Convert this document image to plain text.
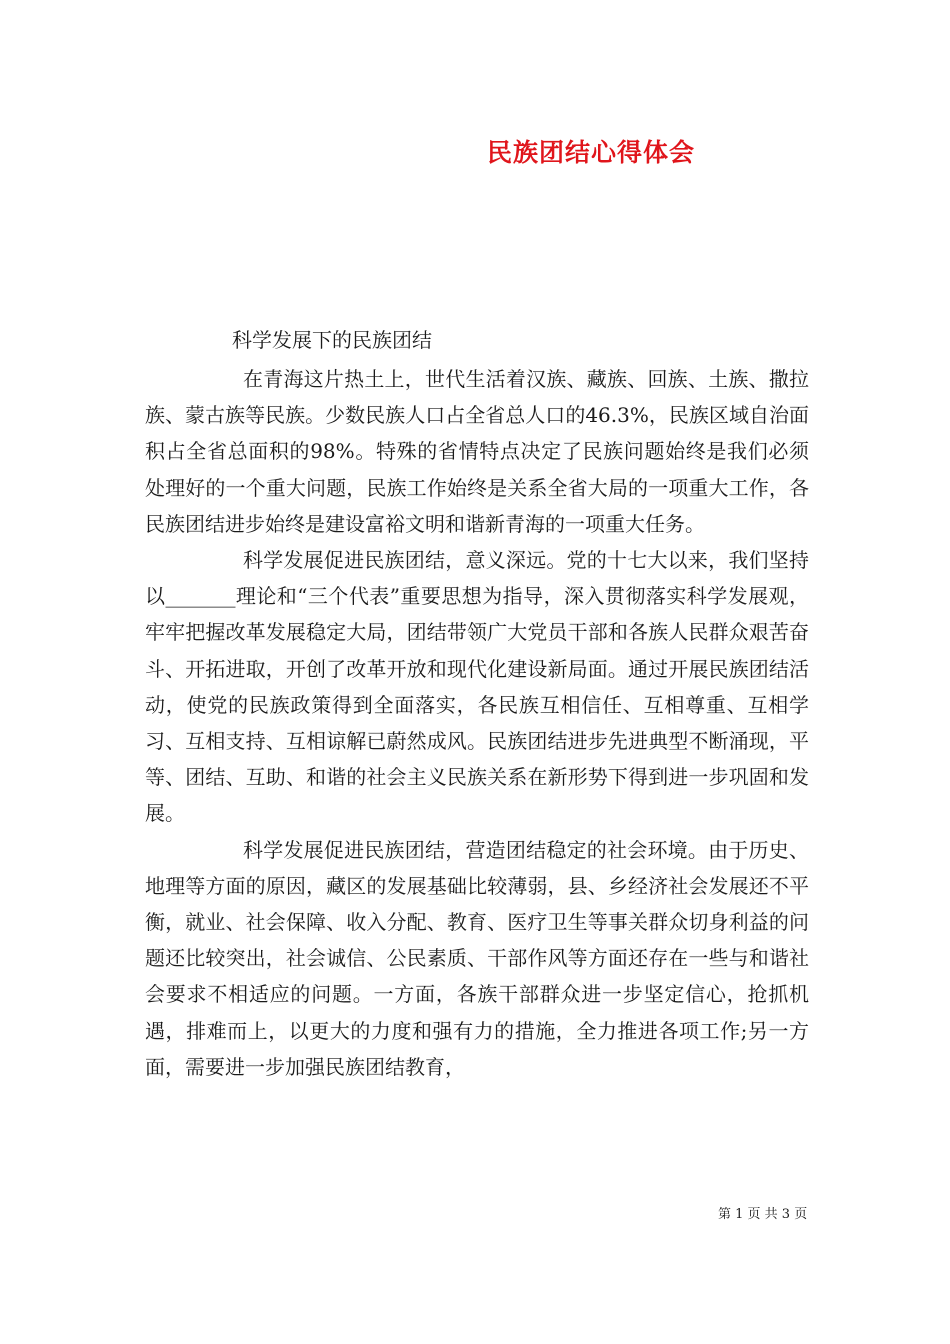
民族团结心得体会
科学发展下的民族团结

在青海这片热土上，世代生活着汉族、藏族、回族、土族、撒拉族、蒙古族等民族。少数民族人口占全省总人口的46.3%，民族区域自治面积占全省总面积的98%。特殊的省情特点决定了民族问题始终是我们必须处理好的一个重大问题，民族工作始终是关系全省大局的一项重大工作，各民族团结进步始终是建设富裕文明和谐新青海的一项重大任务。

科学发展促进民族团结，意义深远。党的十七大以来，我们坚持以_______理论和“三个代表”重要思想为指导，深入贯彻落实科学发展观，牢牢把握改革发展稳定大局，团结带领广大党员干部和各族人民群众艰苦奋斗、开拓进取，开创了改革开放和现代化建设新局面。通过开展民族团结活动，使党的民族政策得到全面落实，各民族互相信任、互相尊重、互相学习、互相支持、互相谅解已蔚然成风。民族团结进步先进典型不断涌现，平等、团结、互助、和谐的社会主义民族关系在新形势下得到进一步巩固和发展。

科学发展促进民族团结，营造团结稳定的社会环境。由于历史、地理等方面的原因，藏区的发展基础比较薄弱，县、乡经济社会发展还不平衡，就业、社会保障、收入分配、教育、医疗卫生等事关群众切身利益的问题还比较突出，社会诚信、公民素质、干部作风等方面还存在一些与和谐社会要求不相适应的问题。一方面，各族干部群众进一步坚定信心，抢抓机遇，排难而上，以更大的力度和强有力的措施，全力推进各项工作;另一方面，需要进一步加强民族团结教育，

第 1 页 共 3 页
